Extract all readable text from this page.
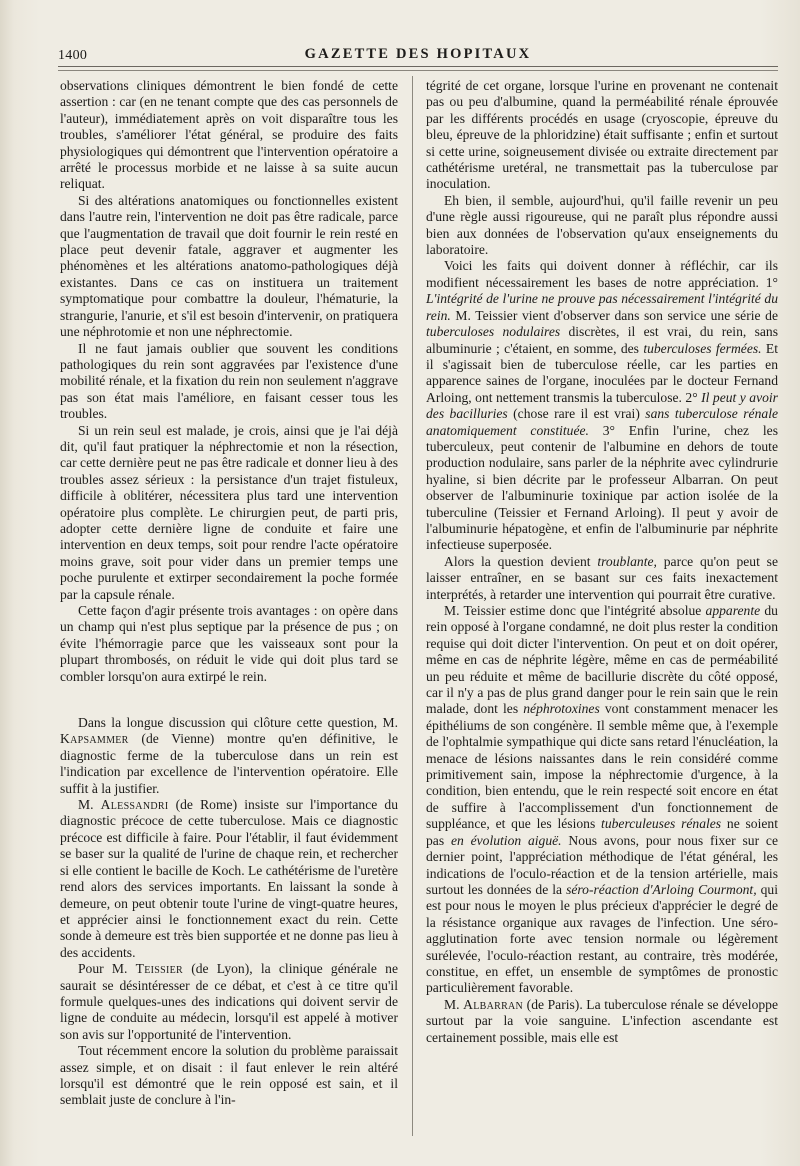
1400	GAZETTE DES HOPITAUX

observations cliniques démontrent le bien fondé de cette assertion : car (en ne tenant compte que des cas personnels de l'auteur), immédiatement après on voit disparaître tous les troubles, s'améliorer l'état général, se produire des faits physiologiques qui démontrent que l'intervention opératoire a arrêté le processus morbide et ne laisse à sa suite aucun reliquat.

Si des altérations anatomiques ou fonctionnelles existent dans l'autre rein, l'intervention ne doit pas être radicale, parce que l'augmentation de travail que doit fournir le rein resté en place peut devenir fatale, aggraver et augmenter les phénomènes et les altérations anatomo-pathologiques déjà existantes. Dans ce cas on instituera un traitement symptomatique pour combattre la douleur, l'hématurie, la strangurie, l'anurie, et s'il est besoin d'intervenir, on pratiquera une néphrotomie et non une néphrectomie.

Il ne faut jamais oublier que souvent les conditions pathologiques du rein sont aggravées par l'existence d'une mobilité rénale, et la fixation du rein non seulement n'aggrave pas son état mais l'améliore, en faisant cesser tous les troubles.

Si un rein seul est malade, je crois, ainsi que je l'ai déjà dit, qu'il faut pratiquer la néphrectomie et non la résection, car cette dernière peut ne pas être radicale et donner lieu à des troubles assez sérieux : la persistance d'un trajet fistuleux, difficile à oblitérer, nécessitera plus tard une intervention opératoire plus complète. Le chirurgien peut, de parti pris, adopter cette dernière ligne de conduite et faire une intervention en deux temps, soit pour rendre l'acte opératoire moins grave, soit pour vider dans un premier temps une poche purulente et extirper secondairement la poche formée par la capsule rénale.

Cette façon d'agir présente trois avantages : on opère dans un champ qui n'est plus septique par la présence de pus ; on évite l'hémorragie parce que les vaisseaux sont pour la plupart thrombosés, on réduit le vide qui doit plus tard se combler lorsqu'on aura extirpé le rein.

Dans la longue discussion qui clôture cette question, M. Kapsammer (de Vienne) montre qu'en définitive, le diagnostic ferme de la tuberculose dans un rein est l'indication par excellence de l'intervention opératoire. Elle suffit à la justifier.

M. Alessandri (de Rome) insiste sur l'importance du diagnostic précoce de cette tuberculose. Mais ce diagnostic précoce est difficile à faire. Pour l'établir, il faut évidemment se baser sur la qualité de l'urine de chaque rein, et rechercher si elle contient le bacille de Koch. Le cathétérisme de l'uretère rend alors des services importants. En laissant la sonde à demeure, on peut obtenir toute l'urine de vingt-quatre heures, et apprécier ainsi le fonctionnement exact du rein. Cette sonde à demeure est très bien supportée et ne donne pas lieu à des accidents.

Pour M. Teissier (de Lyon), la clinique générale ne saurait se désintéresser de ce débat, et c'est à ce titre qu'il formule quelques-unes des indications qui doivent servir de ligne de conduite au médecin, lorsqu'il est appelé à motiver son avis sur l'opportunité de l'intervention.

Tout récemment encore la solution du problème paraissait assez simple, et on disait : il faut enlever le rein altéré lorsqu'il est démontré que le rein opposé est sain, et il semblait juste de conclure à l'in-

tégrité de cet organe, lorsque l'urine en provenant ne contenait pas ou peu d'albumine, quand la perméabilité rénale éprouvée par les différents procédés en usage (cryoscopie, épreuve du bleu, épreuve de la phloridzine) était suffisante ; enfin et surtout si cette urine, soigneusement divisée ou extraite directement par cathétérisme uretéral, ne transmettait pas la tuberculose par inoculation.

Eh bien, il semble, aujourd'hui, qu'il faille revenir un peu d'une règle aussi rigoureuse, qui ne paraît plus répondre aussi bien aux données de l'observation qu'aux enseignements du laboratoire.

Voici les faits qui doivent donner à réfléchir, car ils modifient nécessairement les bases de notre appréciation. 1° L'intégrité de l'urine ne prouve pas nécessairement l'intégrité du rein. M. Teissier vient d'observer dans son service une série de tuberculoses nodulaires discrètes, il est vrai, du rein, sans albuminurie ; c'étaient, en somme, des tuberculoses fermées. Et il s'agissait bien de tuberculose réelle, car les parties en apparence saines de l'organe, inoculées par le docteur Fernand Arloing, ont nettement transmis la tuberculose. 2° Il peut y avoir des bacilluries (chose rare il est vrai) sans tuberculose rénale anatomiquement constituée. 3° Enfin l'urine, chez les tuberculeux, peut contenir de l'albumine en dehors de toute production nodulaire, sans parler de la néphrite avec cylindrurie hyaline, si bien décrite par le professeur Albarran. On peut observer de l'albuminurie toxinique par action isolée de la tuberculine (Teissier et Fernand Arloing). Il peut y avoir de l'albuminurie hépatogène, et enfin de l'albuminurie par néphrite infectieuse superposée.

Alors la question devient troublante, parce qu'on peut se laisser entraîner, en se basant sur ces faits inexactement interprétés, à retarder une intervention qui pourrait être curative.

M. Teissier estime donc que l'intégrité absolue apparente du rein opposé à l'organe condamné, ne doit plus rester la condition requise qui doit dicter l'intervention. On peut et on doit opérer, même en cas de néphrite légère, même en cas de perméabilité un peu réduite et même de bacillurie discrète du côté opposé, car il n'y a pas de plus grand danger pour le rein sain que le rein malade, dont les néphrotoxines vont constamment menacer les épithéliums de son congénère. Il semble même que, à l'exemple de l'ophtalmie sympathique qui dicte sans retard l'énucléation, la menace de lésions naissantes dans le rein considéré comme primitivement sain, impose la néphrectomie d'urgence, à la condition, bien entendu, que le rein respecté soit encore en état de suffire à l'accomplissement d'un fonctionnement de suppléance, et que les lésions tuberculeuses rénales ne soient pas en évolution aiguë. Nous avons, pour nous fixer sur ce dernier point, l'appréciation méthodique de l'état général, les indications de l'oculo-réaction et de la tension artérielle, mais surtout les données de la séro-réaction d'Arloing Courmont, qui est pour nous le moyen le plus précieux d'apprécier le degré de la résistance organique aux ravages de l'infection. Une séro-agglutination forte avec tension normale ou légèrement surélevée, l'oculo-réaction restant, au contraire, très modérée, constitue, en effet, un ensemble de symptômes de pronostic particulièrement favorable.

M. Albarran (de Paris). La tuberculose rénale se développe surtout par la voie sanguine. L'infection ascendante est certainement possible, mais elle est
